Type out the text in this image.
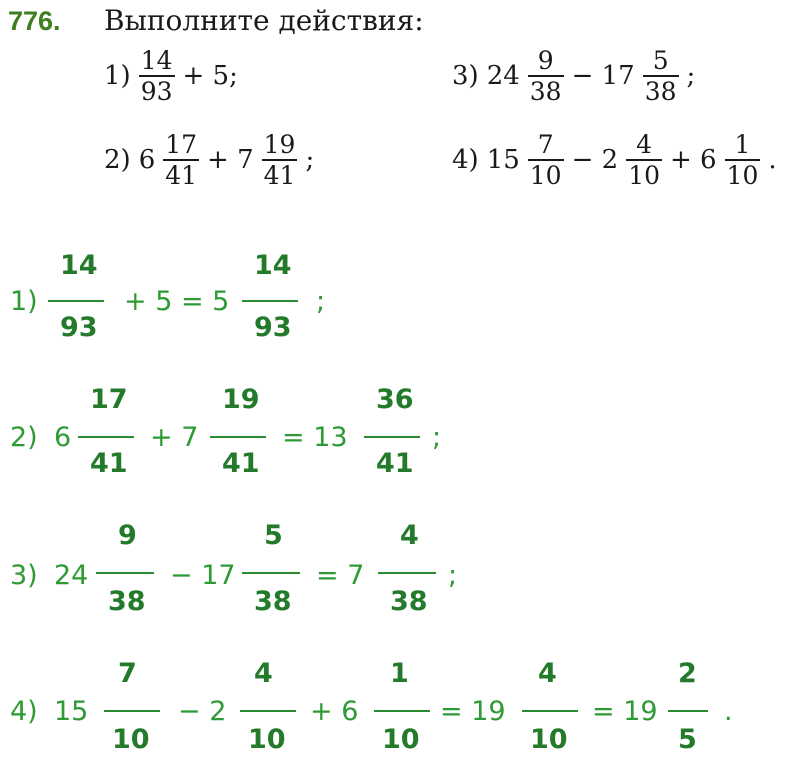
776. Выполните действия:
1)
14
93
+ 5;	3) 24
9
38
− 17
5
38
;
2) 6
17
41
+ 7
19
41
;	4) 15
7
10
− 2
4
10
+ 6
1
10
.
1)
14
93
+ 5 = 5
14
93
;
2) 6
17
41
+ 7
19
41
= 13
36
41
;
3) 24
9
38
− 17
5
38
= 7
4
38
;
4) 15
7
10
− 2
4
10
+ 6
1
10
= 19
4
10
= 19
2
5
.
